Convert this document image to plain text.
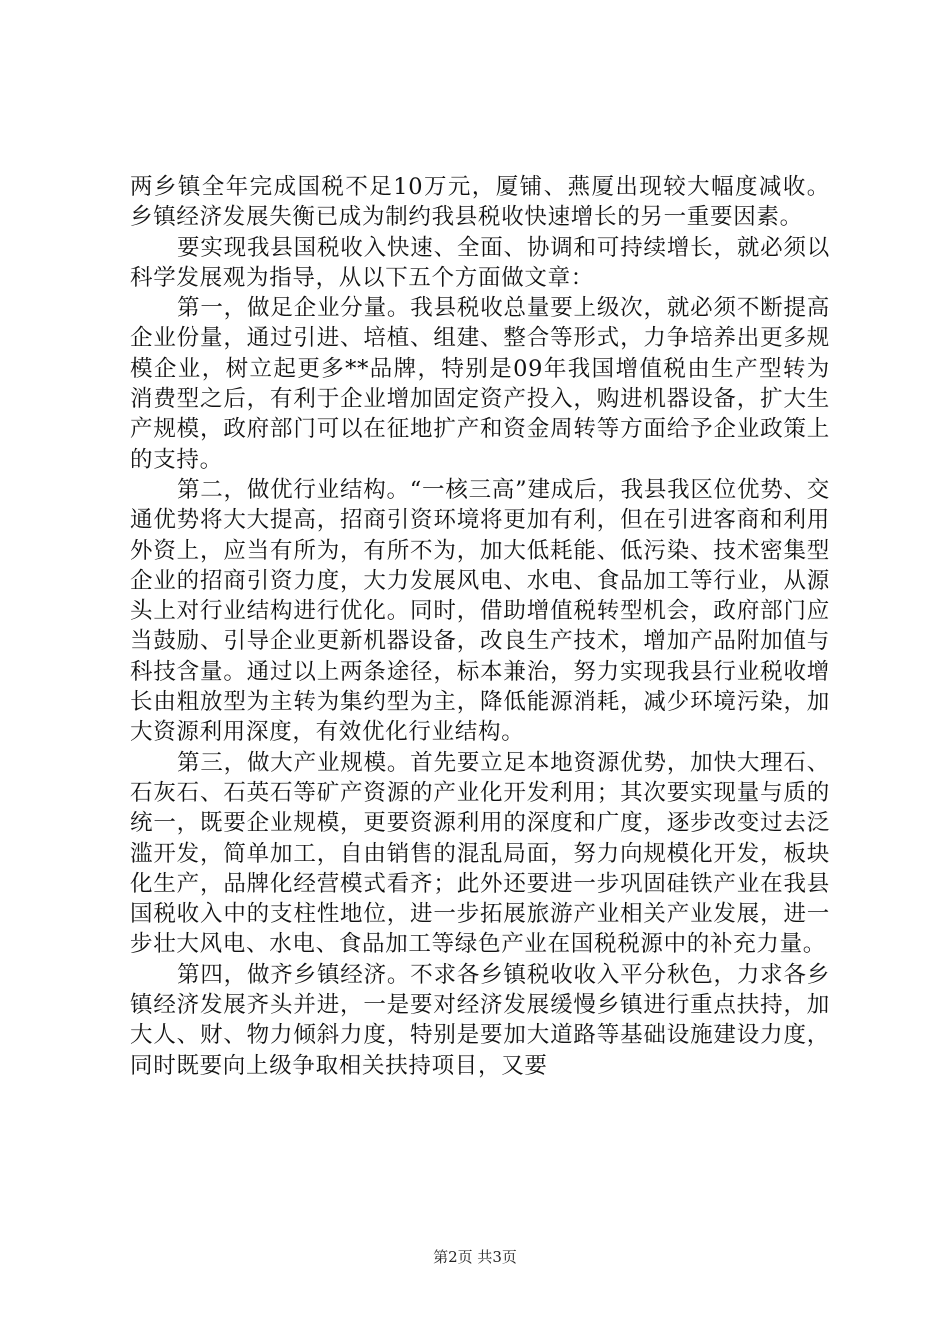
两乡镇全年完成国税不足10万元，厦铺、燕厦出现较大幅度减收。乡镇经济发展失衡已成为制约我县税收快速增长的另一重要因素。

要实现我县国税收入快速、全面、协调和可持续增长，就必须以科学发展观为指导，从以下五个方面做文章：

第一，做足企业分量。我县税收总量要上级次，就必须不断提高企业份量，通过引进、培植、组建、整合等形式，力争培养出更多规模企业，树立起更多**品牌，特别是09年我国增值税由生产型转为消费型之后，有利于企业增加固定资产投入，购进机器设备，扩大生产规模，政府部门可以在征地扩产和资金周转等方面给予企业政策上的支持。

第二，做优行业结构。“一核三高”建成后，我县我区位优势、交通优势将大大提高，招商引资环境将更加有利，但在引进客商和利用外资上，应当有所为，有所不为，加大低耗能、低污染、技术密集型企业的招商引资力度，大力发展风电、水电、食品加工等行业，从源头上对行业结构进行优化。同时，借助增值税转型机会，政府部门应当鼓励、引导企业更新机器设备，改良生产技术，增加产品附加值与科技含量。通过以上两条途径，标本兼治，努力实现我县行业税收增长由粗放型为主转为集约型为主，降低能源消耗，减少环境污染，加大资源利用深度，有效优化行业结构。

第三，做大产业规模。首先要立足本地资源优势，加快大理石、石灰石、石英石等矿产资源的产业化开发利用；其次要实现量与质的统一，既要企业规模，更要资源利用的深度和广度，逐步改变过去泛滥开发，简单加工，自由销售的混乱局面，努力向规模化开发，板块化生产，品牌化经营模式看齐；此外还要进一步巩固硅铁产业在我县国税收入中的支柱性地位，进一步拓展旅游产业相关产业发展，进一步壮大风电、水电、食品加工等绿色产业在国税税源中的补充力量。

第四，做齐乡镇经济。不求各乡镇税收收入平分秋色，力求各乡镇经济发展齐头并进，一是要对经济发展缓慢乡镇进行重点扶持，加大人、财、物力倾斜力度，特别是要加大道路等基础设施建设力度，同时既要向上级争取相关扶持项目，又要

第2页 共3页
